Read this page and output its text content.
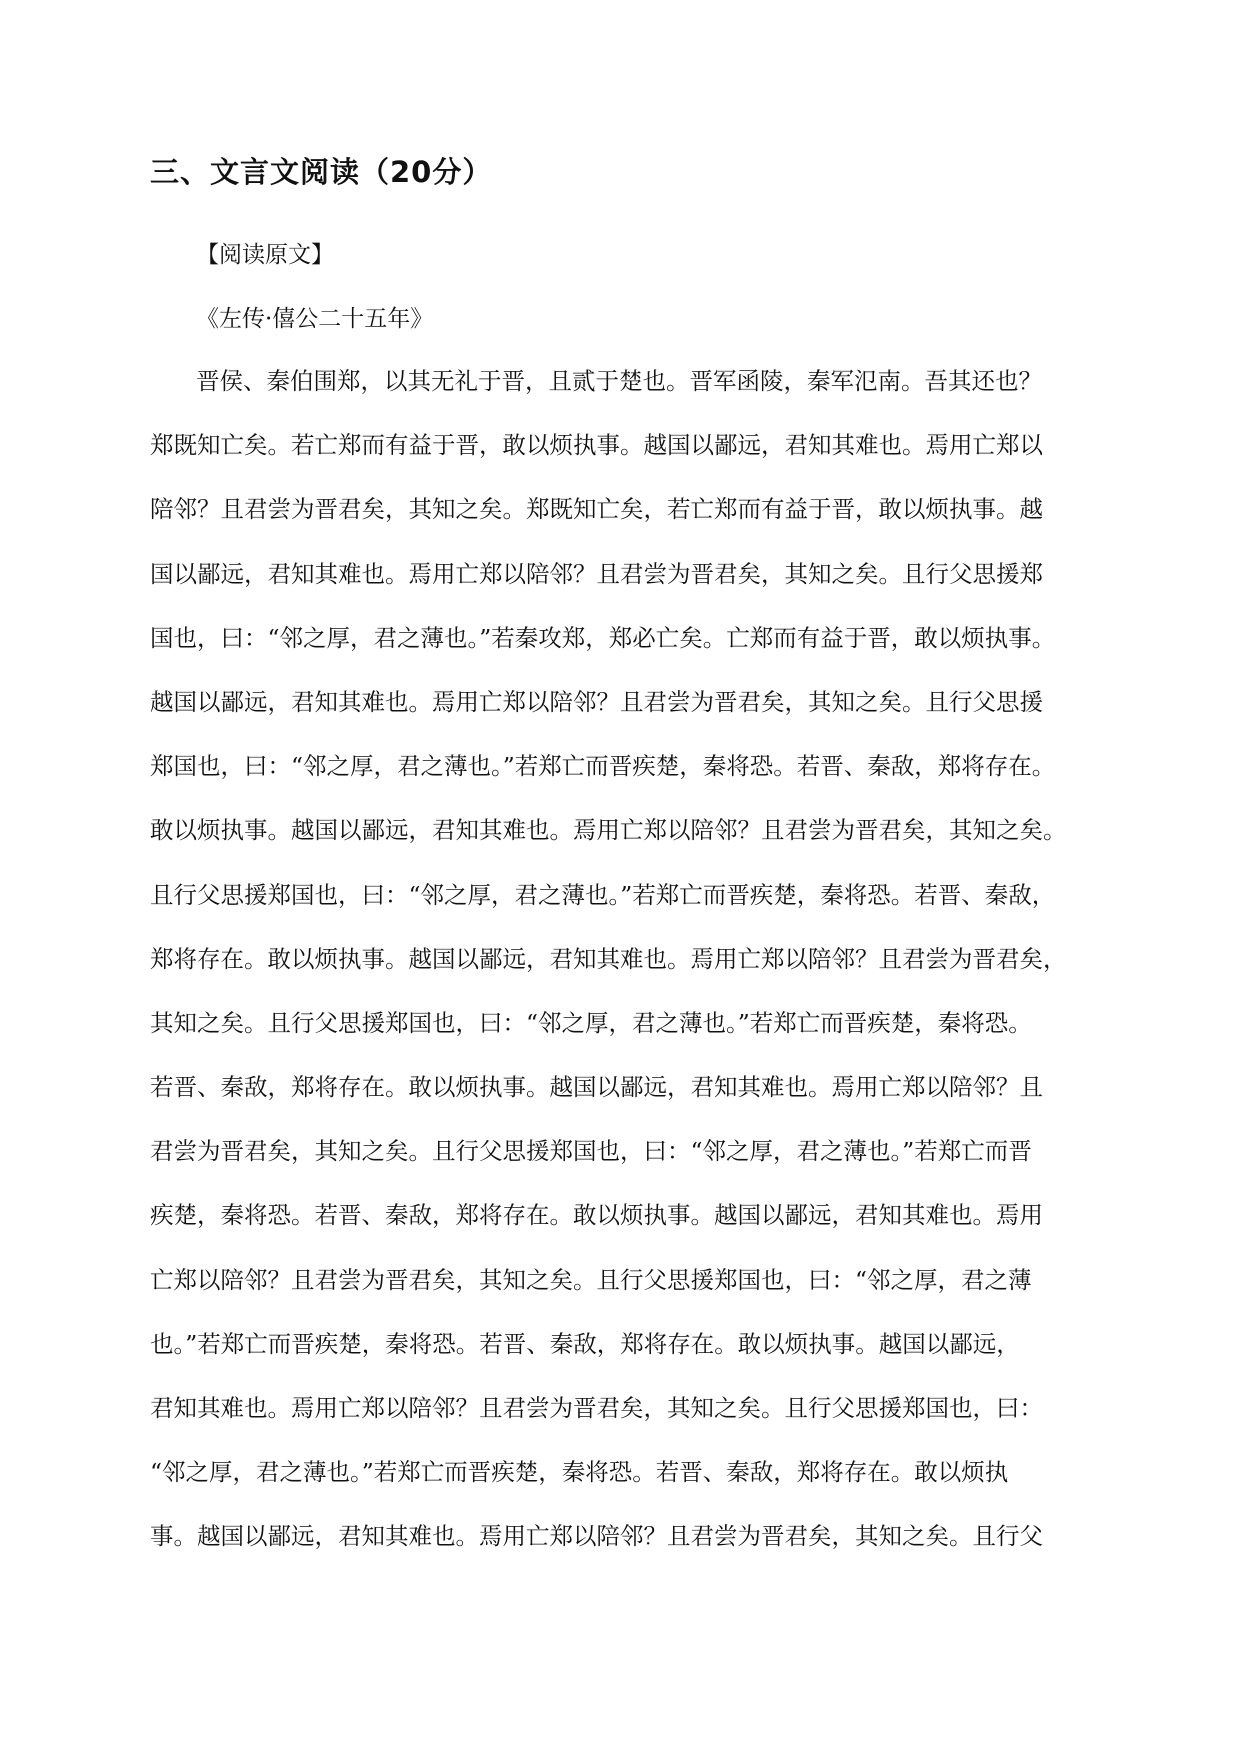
三、文言文阅读（20分）
【阅读原文】
《左传·僖公二十五年》
晋侯、秦伯围郑，以其无礼于晋，且贰于楚也。晋军函陵，秦军氾南。吾其还也？
郑既知亡矣。若亡郑而有益于晋，敢以烦执事。越国以鄙远，君知其难也。焉用亡郑以
陪邻？且君尝为晋君矣，其知之矣。郑既知亡矣，若亡郑而有益于晋，敢以烦执事。越
国以鄙远，君知其难也。焉用亡郑以陪邻？且君尝为晋君矣，其知之矣。且行父思援郑
国也，曰：“邻之厚，君之薄也。”若秦攻郑，郑必亡矣。亡郑而有益于晋，敢以烦执事。
越国以鄙远，君知其难也。焉用亡郑以陪邻？且君尝为晋君矣，其知之矣。且行父思援
郑国也，曰：“邻之厚，君之薄也。”若郑亡而晋疾楚，秦将恐。若晋、秦敌，郑将存在。
敢以烦执事。越国以鄙远，君知其难也。焉用亡郑以陪邻？且君尝为晋君矣，其知之矣。
且行父思援郑国也，曰：“邻之厚，君之薄也。”若郑亡而晋疾楚，秦将恐。若晋、秦敌，
郑将存在。敢以烦执事。越国以鄙远，君知其难也。焉用亡郑以陪邻？且君尝为晋君矣，
其知之矣。且行父思援郑国也，曰：“邻之厚，君之薄也。”若郑亡而晋疾楚，秦将恐。
若晋、秦敌，郑将存在。敢以烦执事。越国以鄙远，君知其难也。焉用亡郑以陪邻？且
君尝为晋君矣，其知之矣。且行父思援郑国也，曰：“邻之厚，君之薄也。”若郑亡而晋
疾楚，秦将恐。若晋、秦敌，郑将存在。敢以烦执事。越国以鄙远，君知其难也。焉用
亡郑以陪邻？且君尝为晋君矣，其知之矣。且行父思援郑国也，曰：“邻之厚，君之薄
也。”若郑亡而晋疾楚，秦将恐。若晋、秦敌，郑将存在。敢以烦执事。越国以鄙远，
君知其难也。焉用亡郑以陪邻？且君尝为晋君矣，其知之矣。且行父思援郑国也，曰：
“邻之厚，君之薄也。”若郑亡而晋疾楚，秦将恐。若晋、秦敌，郑将存在。敢以烦执
事。越国以鄙远，君知其难也。焉用亡郑以陪邻？且君尝为晋君矣，其知之矣。且行父
